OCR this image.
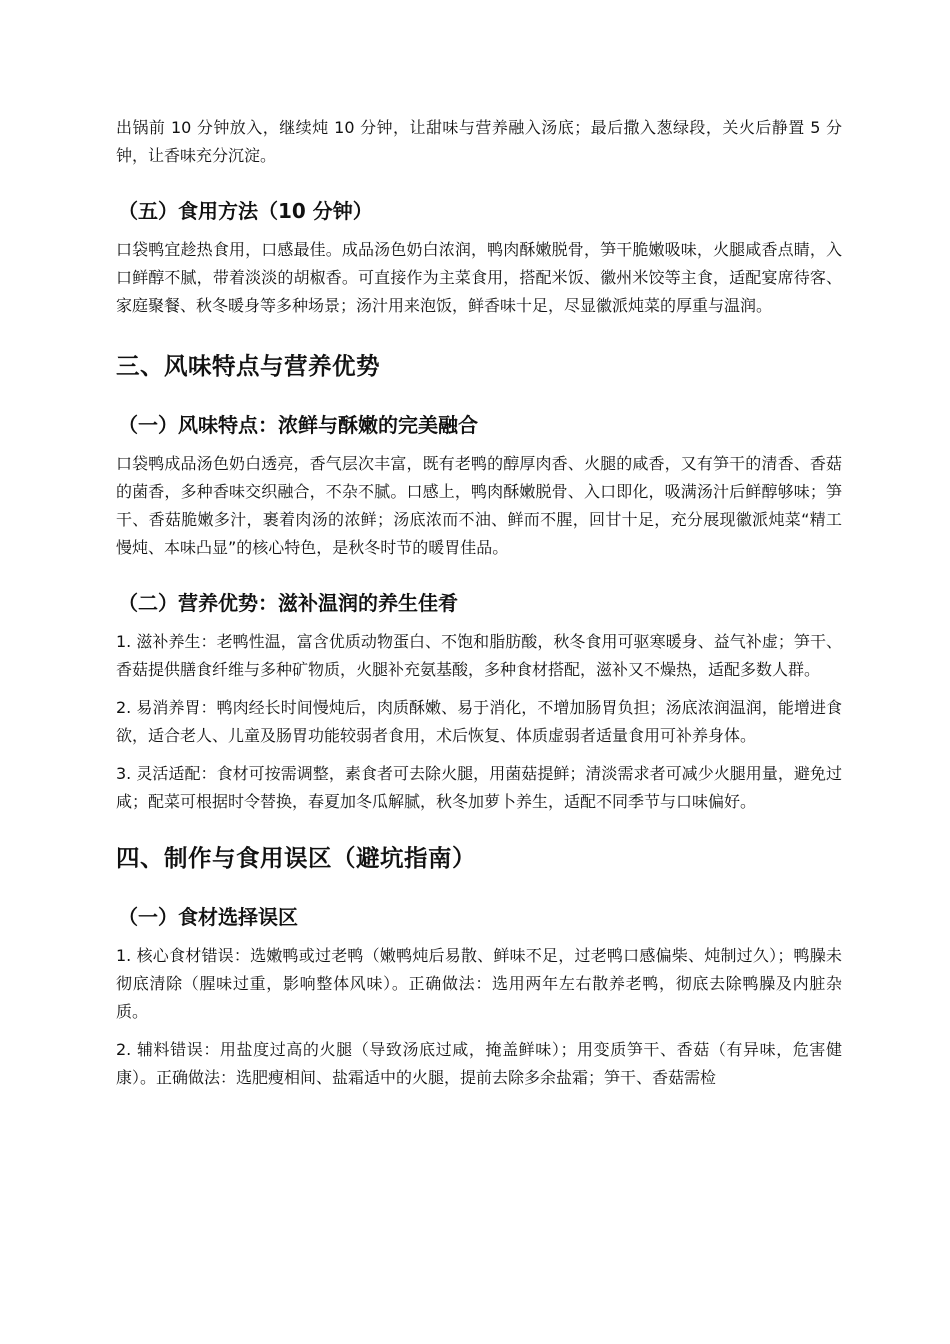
出锅前 10 分钟放入，继续炖 10 分钟，让甜味与营养融入汤底；最后撒入葱绿段，关火后静置 5 分钟，让香味充分沉淀。

（五）食用方法（10 分钟）

口袋鸭宜趁热食用，口感最佳。成品汤色奶白浓润，鸭肉酥嫩脱骨，笋干脆嫩吸味，火腿咸香点睛，入口鲜醇不腻，带着淡淡的胡椒香。可直接作为主菜食用，搭配米饭、徽州米饺等主食，适配宴席待客、家庭聚餐、秋冬暖身等多种场景；汤汁用来泡饭，鲜香味十足，尽显徽派炖菜的厚重与温润。

三、风味特点与营养优势
（一）风味特点：浓鲜与酥嫩的完美融合

口袋鸭成品汤色奶白透亮，香气层次丰富，既有老鸭的醇厚肉香、火腿的咸香，又有笋干的清香、香菇的菌香，多种香味交织融合，不杂不腻。口感上，鸭肉酥嫩脱骨、入口即化，吸满汤汁后鲜醇够味；笋干、香菇脆嫩多汁，裹着肉汤的浓鲜；汤底浓而不油、鲜而不腥，回甘十足，充分展现徽派炖菜“精工慢炖、本味凸显”的核心特色，是秋冬时节的暖胃佳品。

（二）营养优势：滋补温润的养生佳肴

1. 滋补养生：老鸭性温，富含优质动物蛋白、不饱和脂肪酸，秋冬食用可驱寒暖身、益气补虚；笋干、香菇提供膳食纤维与多种矿物质，火腿补充氨基酸，多种食材搭配，滋补又不燥热，适配多数人群。

2. 易消养胃：鸭肉经长时间慢炖后，肉质酥嫩、易于消化，不增加肠胃负担；汤底浓润温润，能增进食欲，适合老人、儿童及肠胃功能较弱者食用，术后恢复、体质虚弱者适量食用可补养身体。

3. 灵活适配：食材可按需调整，素食者可去除火腿，用菌菇提鲜；清淡需求者可减少火腿用量，避免过咸；配菜可根据时令替换，春夏加冬瓜解腻，秋冬加萝卜养生，适配不同季节与口味偏好。

四、制作与食用误区（避坑指南）
（一）食材选择误区

1. 核心食材错误：选嫩鸭或过老鸭（嫩鸭炖后易散、鲜味不足，过老鸭口感偏柴、炖制过久）；鸭臊未彻底清除（腥味过重，影响整体风味）。正确做法：选用两年左右散养老鸭，彻底去除鸭臊及内脏杂质。

2. 辅料错误：用盐度过高的火腿（导致汤底过咸，掩盖鲜味）；用变质笋干、香菇（有异味，危害健康）。正确做法：选肥瘦相间、盐霜适中的火腿，提前去除多余盐霜；笋干、香菇需检
